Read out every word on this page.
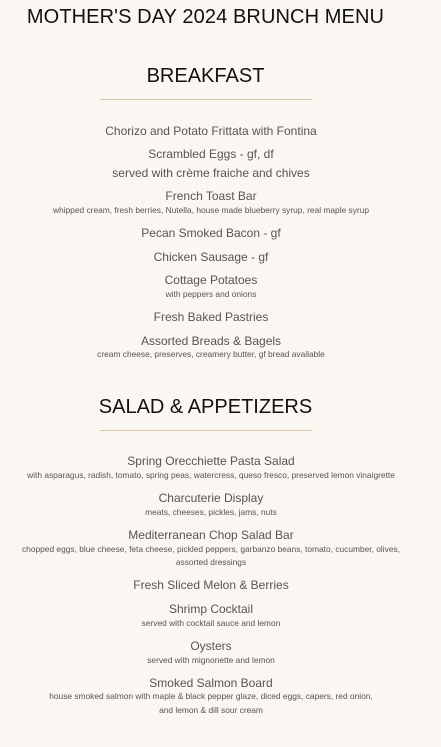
MOTHER'S DAY 2024 BRUNCH MENU
BREAKFAST
Chorizo and Potato Frittata with Fontina
Scrambled Eggs - gf, df
served with crème fraiche and chives
French Toast Bar
whipped cream, fresh berries, Nutella, house made blueberry syrup, real maple syrup
Pecan Smoked Bacon - gf
Chicken Sausage - gf
Cottage Potatoes
with peppers and onions
Fresh Baked Pastries
Assorted Breads & Bagels
cream cheese, preserves, creamery butter, gf bread available
SALAD & APPETIZERS
Spring Orecchiette Pasta Salad
with asparagus, radish, tomato, spring peas, watercress, queso fresco, preserved lemon vinaigrette
Charcuterie Display
meats, cheeses, pickles, jams, nuts
Mediterranean Chop Salad Bar
chopped eggs, blue cheese, feta cheese, pickled peppers, garbanzo beans, tomato, cucumber, olives,
assorted dressings
Fresh Sliced Melon & Berries
Shrimp Cocktail
served with cocktail sauce and lemon
Oysters
served with mignonette and lemon
Smoked Salmon Board
house smoked salmon with maple & black pepper glaze, diced eggs, capers, red onion,
and lemon & dill sour cream
